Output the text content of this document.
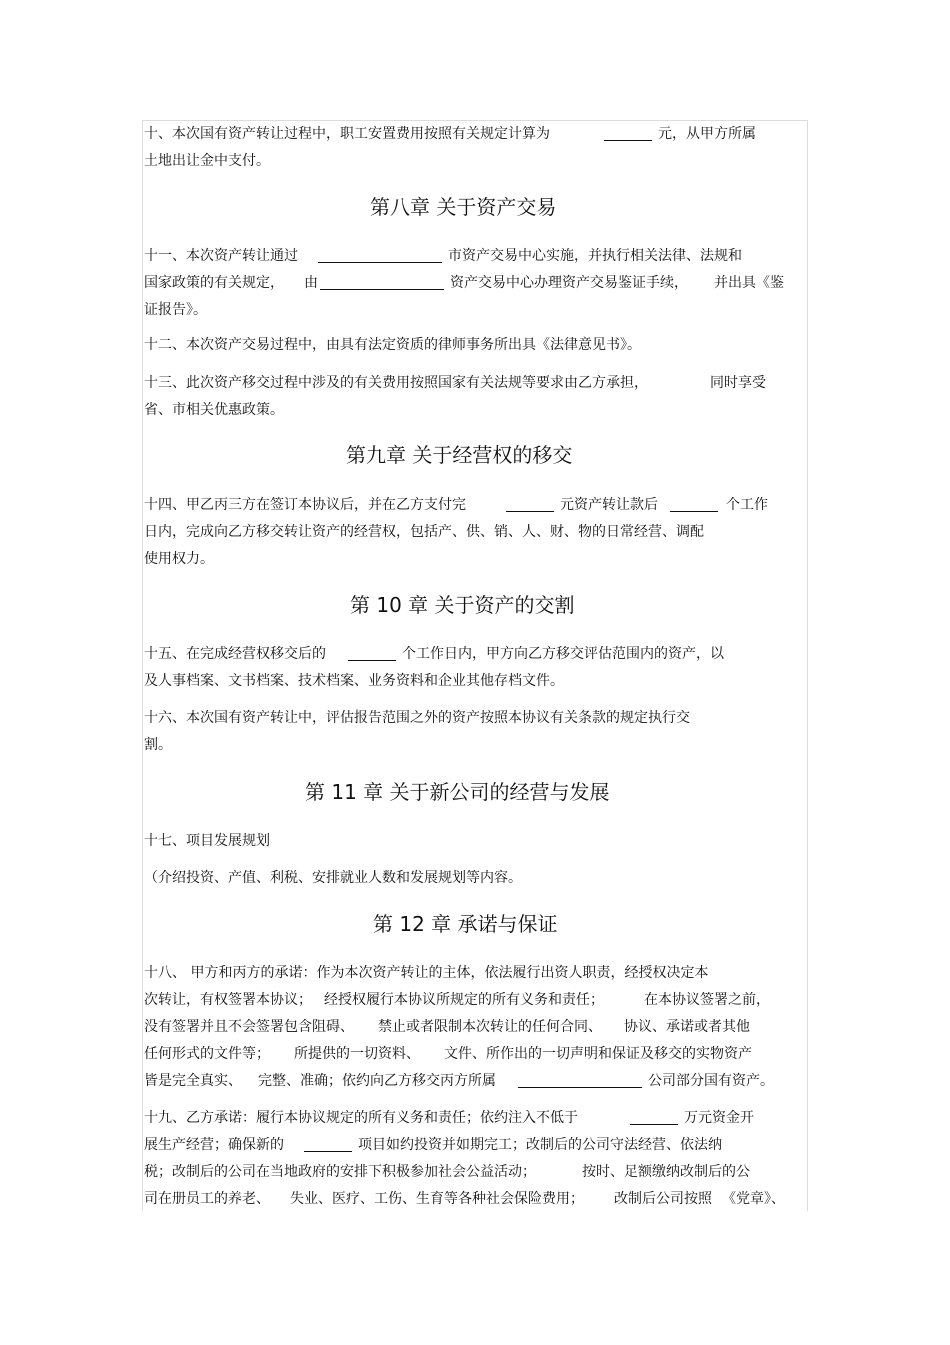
十、本次国有资产转让过程中，职工安置费用按照有关规定计算为	元，从甲方所属
土地出让金中支付。
第八章 关于资产交易
十一、本次资产转让通过	市资产交易中心实施，并执行相关法律、法规和
国家政策的有关规定， 由	资产交易中心办理资产交易鉴证手续， 并出具《鉴
证报告》。
十二、本次资产交易过程中，由具有法定资质的律师事务所出具《法律意见书》。
十三、此次资产移交过程中涉及的有关费用按照国家有关法规等要求由乙方承担，	同时享受
省、市相关优惠政策。
第九章 关于经营权的移交
十四、甲乙丙三方在签订本协议后，并在乙方支付完	元资产转让款后	个工作
日内，完成向乙方移交转让资产的经营权，包括产、供、销、人、财、物的日常经营、调配
使用权力。
第 10 章 关于资产的交割
十五、在完成经营权移交后的	个工作日内，甲方向乙方移交评估范围内的资产，以
及人事档案、文书档案、技术档案、业务资料和企业其他存档文件。
十六、本次国有资产转让中，评估报告范围之外的资产按照本协议有关条款的规定执行交
割。
第 11 章 关于新公司的经营与发展
十七、项目发展规划
（介绍投资、产值、利税、安排就业人数和发展规划等内容。
第 12 章 承诺与保证
十八、 甲方和丙方的承诺：作为本次资产转让的主体，依法履行出资人职责，经授权决定本
次转让，有权签署本协议； 经授权履行本协议所规定的所有义务和责任；	在本协议签署之前，
没有签署并且不会签署包含阻碍、 禁止或者限制本次转让的任何合同、 协议、承诺或者其他
任何形式的文件等； 所提供的一切资料、 文件、所作出的一切声明和保证及移交的实物资产
皆是完全真实、 完整、准确；依约向乙方移交丙方所属	公司部分国有资产。
十九、乙方承诺：履行本协议规定的所有义务和责任；依约注入不低于	万元资金开
展生产经营；确保新的	项目如约投资并如期完工；改制后的公司守法经营、依法纳
税；改制后的公司在当地政府的安排下积极参加社会公益活动；	按时、足额缴纳改制后的公
司在册员工的养老、 失业、医疗、工伤、生育等各种社会保险费用； 改制后公司按照 《党章》、
